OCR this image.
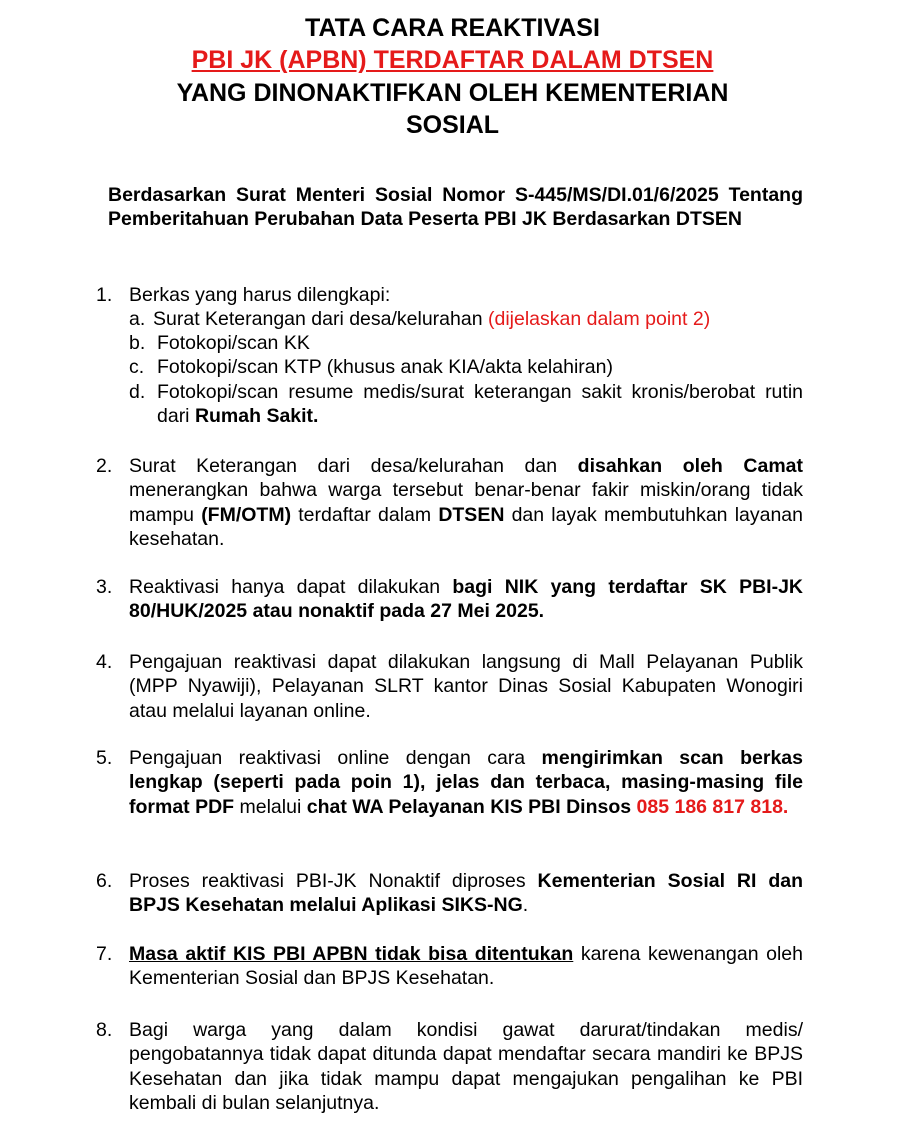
TATA CARA REAKTIVASI
PBI JK (APBN) TERDAFTAR DALAM DTSEN
YANG DINONAKTIFKAN OLEH KEMENTERIAN
SOSIAL
Berdasarkan Surat Menteri Sosial Nomor S-445/MS/DI.01/6/2025 Tentang Pemberitahuan Perubahan Data Peserta PBI JK Berdasarkan DTSEN
1. Berkas yang harus dilengkapi:
a. Surat Keterangan dari desa/kelurahan (dijelaskan dalam point 2)
b. Fotokopi/scan KK
c. Fotokopi/scan KTP (khusus anak KIA/akta kelahiran)
d. Fotokopi/scan resume medis/surat keterangan sakit kronis/berobat rutin dari Rumah Sakit.
2. Surat Keterangan dari desa/kelurahan dan disahkan oleh Camat menerangkan bahwa warga tersebut benar-benar fakir miskin/orang tidak mampu (FM/OTM) terdaftar dalam DTSEN dan layak membutuhkan layanan kesehatan.
3. Reaktivasi hanya dapat dilakukan bagi NIK yang terdaftar SK PBI-JK 80/HUK/2025 atau nonaktif pada 27 Mei 2025.
4. Pengajuan reaktivasi dapat dilakukan langsung di Mall Pelayanan Publik (MPP Nyawiji), Pelayanan SLRT kantor Dinas Sosial Kabupaten Wonogiri atau melalui layanan online.
5. Pengajuan reaktivasi online dengan cara mengirimkan scan berkas lengkap (seperti pada poin 1), jelas dan terbaca, masing-masing file format PDF melalui chat WA Pelayanan KIS PBI Dinsos 085 186 817 818.
6. Proses reaktivasi PBI-JK Nonaktif diproses Kementerian Sosial RI dan BPJS Kesehatan melalui Aplikasi SIKS-NG.
7. Masa aktif KIS PBI APBN tidak bisa ditentukan karena kewenangan oleh Kementerian Sosial dan BPJS Kesehatan.
8. Bagi warga yang dalam kondisi gawat darurat/tindakan medis/ pengobatannya tidak dapat ditunda dapat mendaftar secara mandiri ke BPJS Kesehatan dan jika tidak mampu dapat mengajukan pengalihan ke PBI kembali di bulan selanjutnya.
